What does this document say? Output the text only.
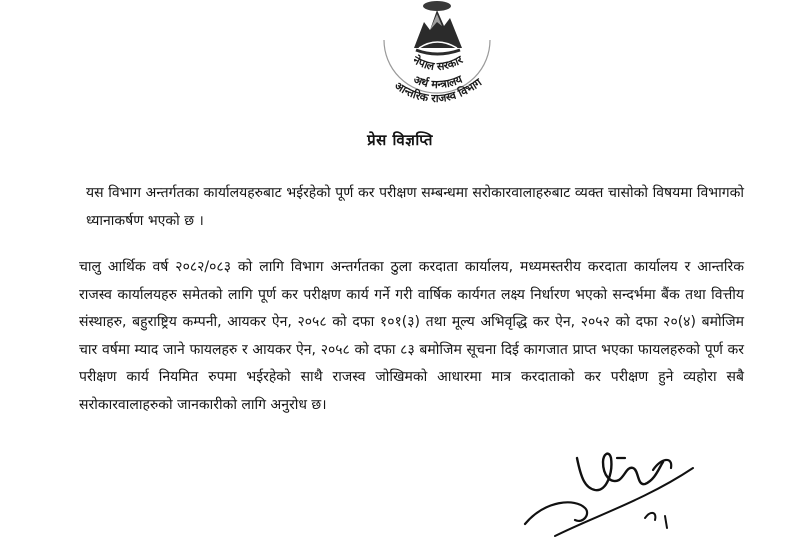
नेपाल सरकार
अर्थ मन्त्रालय
आन्तरिक राजस्व विभाग
प्रेस विज्ञप्ति
यस विभाग अन्तर्गतका कार्यालयहरुबाट भईरहेको पूर्ण कर परीक्षण सम्बन्धमा सरोकारवालाहरुबाट व्यक्त चासोको विषयमा विभागको ध्यानाकर्षण भएको छ ।
चालु आर्थिक वर्ष २०८२/०८३ को लागि विभाग अन्तर्गतका ठुला करदाता कार्यालय, मध्यमस्तरीय करदाता कार्यालय र आन्तरिक राजस्व कार्यालयहरु समेतको लागि पूर्ण कर परीक्षण कार्य गर्ने गरी वार्षिक कार्यगत लक्ष्य निर्धारण भएको सन्दर्भमा बैंक तथा वित्तीय संस्थाहरु, बहुराष्ट्रिय कम्पनी, आयकर ऐन, २०५८ को दफा १०१(३) तथा मूल्य अभिवृद्धि कर ऐन, २०५२ को दफा २०(४) बमोजिम चार वर्षमा म्याद जाने फायलहरु र आयकर ऐन, २०५८ को दफा ८३ बमोजिम सूचना दिई कागजात प्राप्त भएका फायलहरुको पूर्ण कर परीक्षण कार्य नियमित रुपमा भईरहेको साथै राजस्व जोखिमको आधारमा मात्र करदाताको कर परीक्षण हुने व्यहोरा सबै सरोकारवालाहरुको जानकारीको लागि अनुरोध छ।
